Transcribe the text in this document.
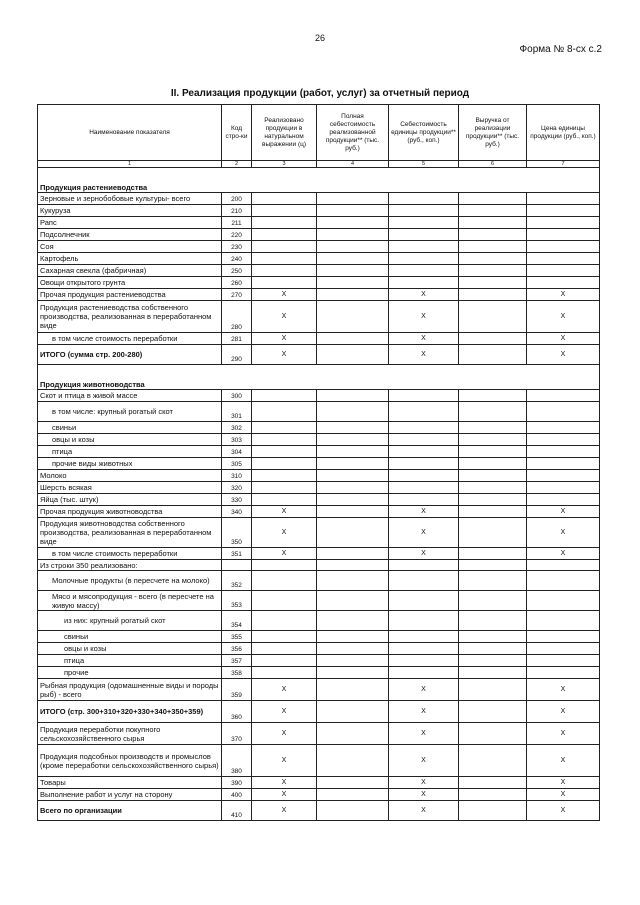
26
Форма № 8-сх с.2
II. Реализация продукции (работ, услуг) за отчетный период
Наименование показателя	Код стро-ки	Реализовано продукции в натуральном выражении (ц)	Полная себестоимость реализованной продукции** (тыс. руб.)	Себестоимость единицы продукции** (руб., коп.)	Выручка от реализации продукции** (тыс. руб.)	Цена единицы продукции (руб., коп.)
1	2	3	4	5	6	7
Продукция растениеводства						
Зерновые и зернобобовые культуры- всего	200					
Кукуруза	210					
Рапс	211					
Подсолнечник	220					
Соя	230					
Картофель	240					
Сахарная свекла (фабричная)	250					
Овощи открытого грунта	260					
Прочая продукция растениеводства	270	X		X		X
Продукция растениеводства собственного производства, реализованная в переработанном виде	280	X		X		X
в том числе стоимость переработки	281	X		X		X
ИТОГО (сумма стр. 200-280)	290	X		X		X
Продукция животноводства						
Скот и птица в живой массе	300					
в том числе: крупный рогатый скот	301					
свиньи	302					
овцы и козы	303					
птица	304					
прочие виды животных	305					
Молоко	310					
Шерсть всякая	320					
Яйца (тыс. штук)	330					
Прочая продукция животноводства	340	X		X		X
Продукция животноводства собственного производства, реализованная в переработанном виде	350	X		X		X
в том числе стоимость переработки	351	X		X		X
Из строки 350 реализовано:						
Молочные продукты (в пересчете на молоко)	352					
Мясо и мясопродукция - всего (в пересчете на живую массу)	353					
из них: крупный рогатый скот	354					
свиньи	355					
овцы и козы	356					
птица	357					
прочие	358					
Рыбная продукция (одомашненные виды и породы рыб) - всего	359	X		X		X
ИТОГО (стр. 300+310+320+330+340+350+359)	360	X		X		X
Продукция переработки покупного сельскохозяйственного сырья	370	X		X		X
Продукция подсобных производств и промыслов (кроме переработки сельскохозяйственного сырья)	380	X		X		X
Товары	390	X		X		X
Выполнение работ и услуг на сторону	400	X		X		X
Всего по организации	410	X		X		X
